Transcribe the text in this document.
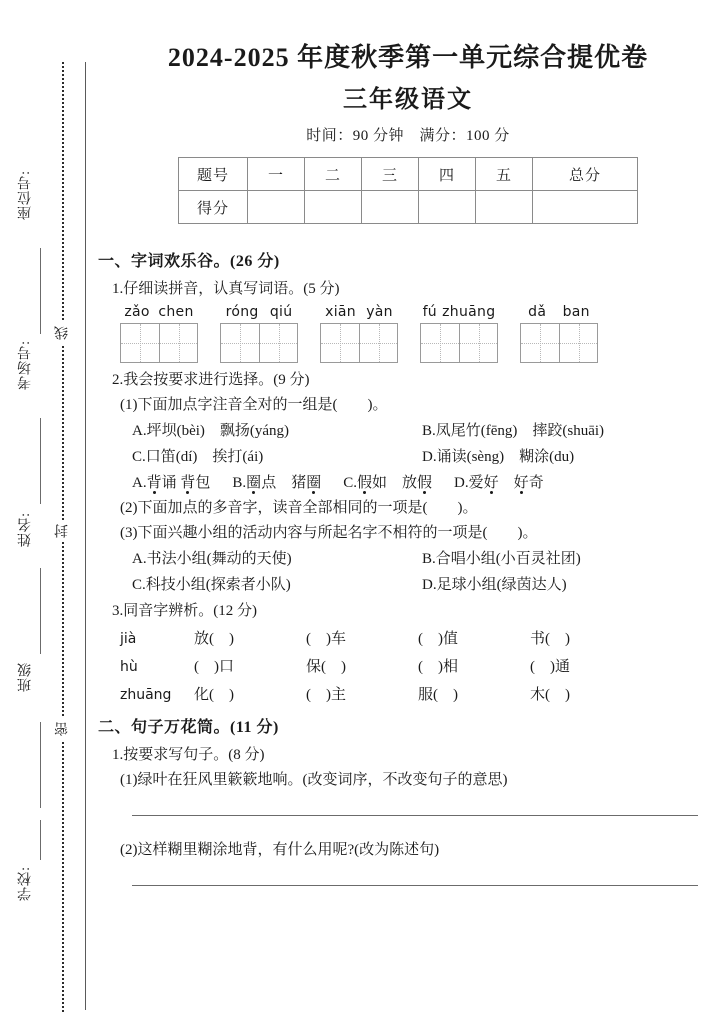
线
封
密
座位号:
考场号:
姓名:
班级
学校:
2024-2025 年度秋季第一单元综合提优卷
三年级语文

时间：90 分钟　满分：100 分

题号	一	二	三	四	五	总分
得分						
一、字词欢乐谷。(26 分)
1.仔细读拼音，认真写词语。(5 分)
zǎo chen róng qiú xiān yàn fú zhuāng dǎ ban
2.我会按要求进行选择。(9 分)
(1)下面加点字注音全对的一组是(　　)。
A.坪坝(bèi)　飘扬(yáng)	B.凤尾竹(fēng)　摔跤(shuāi)
C.口笛(dí)　挨打(ái)	D.诵读(sèng)　糊涂(du)
A.背诵 背包 B.圈点　猪圈 C.假如　放假 D.爱好　 好奇
(2)下面加点的多音字，读音全部相同的一项是(　　)。
(3)下面兴趣小组的活动内容与所起名字不相符的一项是(　　)。
A.书法小组(舞动的天使)	B.合唱小组(小百灵社团)
C.科技小组(探索者小队)	D.足球小组(绿茵达人)
3.同音字辨析。(12 分)
jià	放(　)	(　)车	(　)值	书(　)
hù	(　)口	保(　)	(　)相	(　)通
zhuāng	化(　)	(　)主	服(　)	木(　)
二、句子万花筒。(11 分)
1.按要求写句子。(8 分)
(1)绿叶在狂风里簌簌地响。(改变词序，不改变句子的意思)
(2)这样糊里糊涂地背，有什么用呢?(改为陈述句)
